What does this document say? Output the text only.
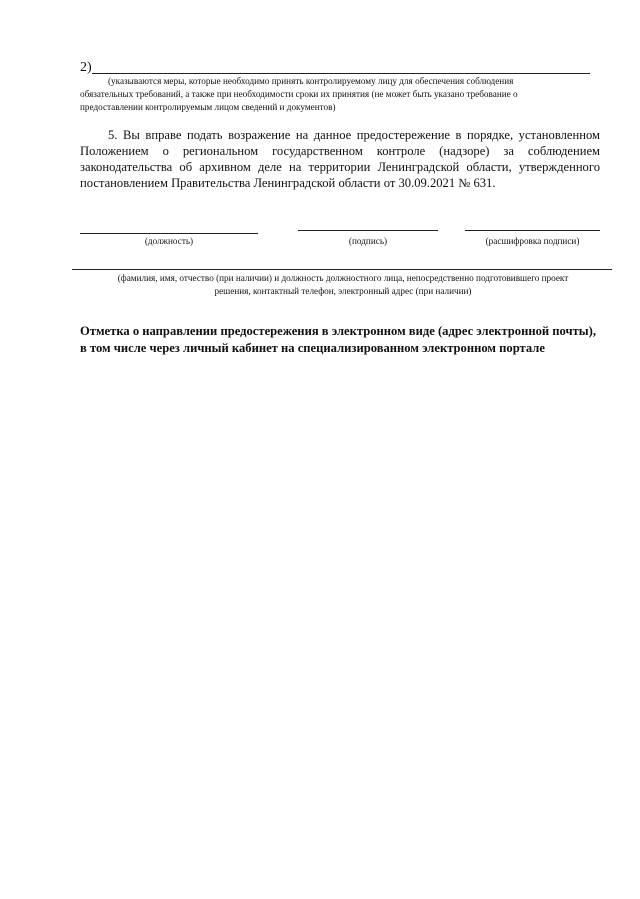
2)
(указываются меры, которые необходимо принять контролируемому лицу для обеспечения соблюдения
обязательных требований, а также при необходимости сроки их принятия (не может быть указано требование о
предоставлении контролируемым лицом сведений и документов)
5. Вы вправе подать возражение на данное предостережение в порядке, установленном Положением о региональном государственном контроле (надзоре) за соблюдением законодательства об архивном деле на территории Ленинградской области, утвержденного постановлением Правительства Ленинградской области от 30.09.2021 № 631.
(должность)	(подпись)	(расшифровка подписи)
(фамилия, имя, отчество (при наличии) и должность должностного лица, непосредственно подготовившего проект
решения, контактный телефон, электронный адрес (при наличии)
Отметка о направлении предостережения в электронном виде (адрес электронной почты),
в том числе через личный кабинет на специализированном электронном портале
